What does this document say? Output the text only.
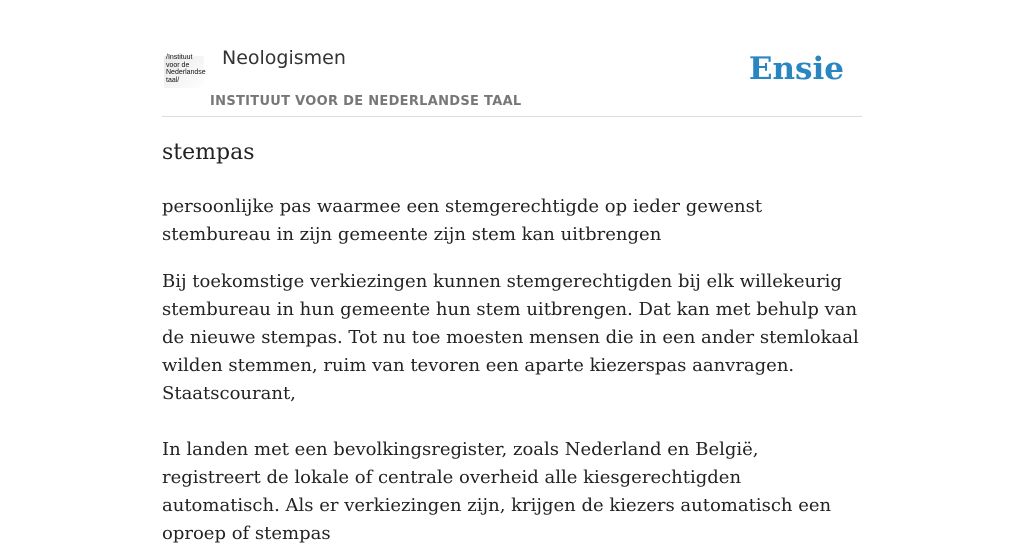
/Instituut
voor de
Nederlandse
taal/
Neologismen
INSTITUUT VOOR DE NEDERLANDSE TAAL
Ensie
stempas

persoonlijke pas waarmee een stemgerechtigde op ieder gewenst stembureau in zijn gemeente zijn stem kan uitbrengen

Bij toekomstige verkiezingen kunnen stemgerechtigden bij elk willekeurig stembureau in hun gemeente hun stem uitbrengen. Dat kan met behulp van de nieuwe stempas. Tot nu toe moesten mensen die in een ander stemlokaal wilden stemmen, ruim van tevoren een aparte kiezerspas aanvragen.
Staatscourant,

In landen met een bevolkingsregister, zoals Nederland en België, registreert de lokale of centrale overheid alle kiesgerechtigden automatisch. Als er verkiezingen zijn, krijgen de kiezers automatisch een oproep of stempas
